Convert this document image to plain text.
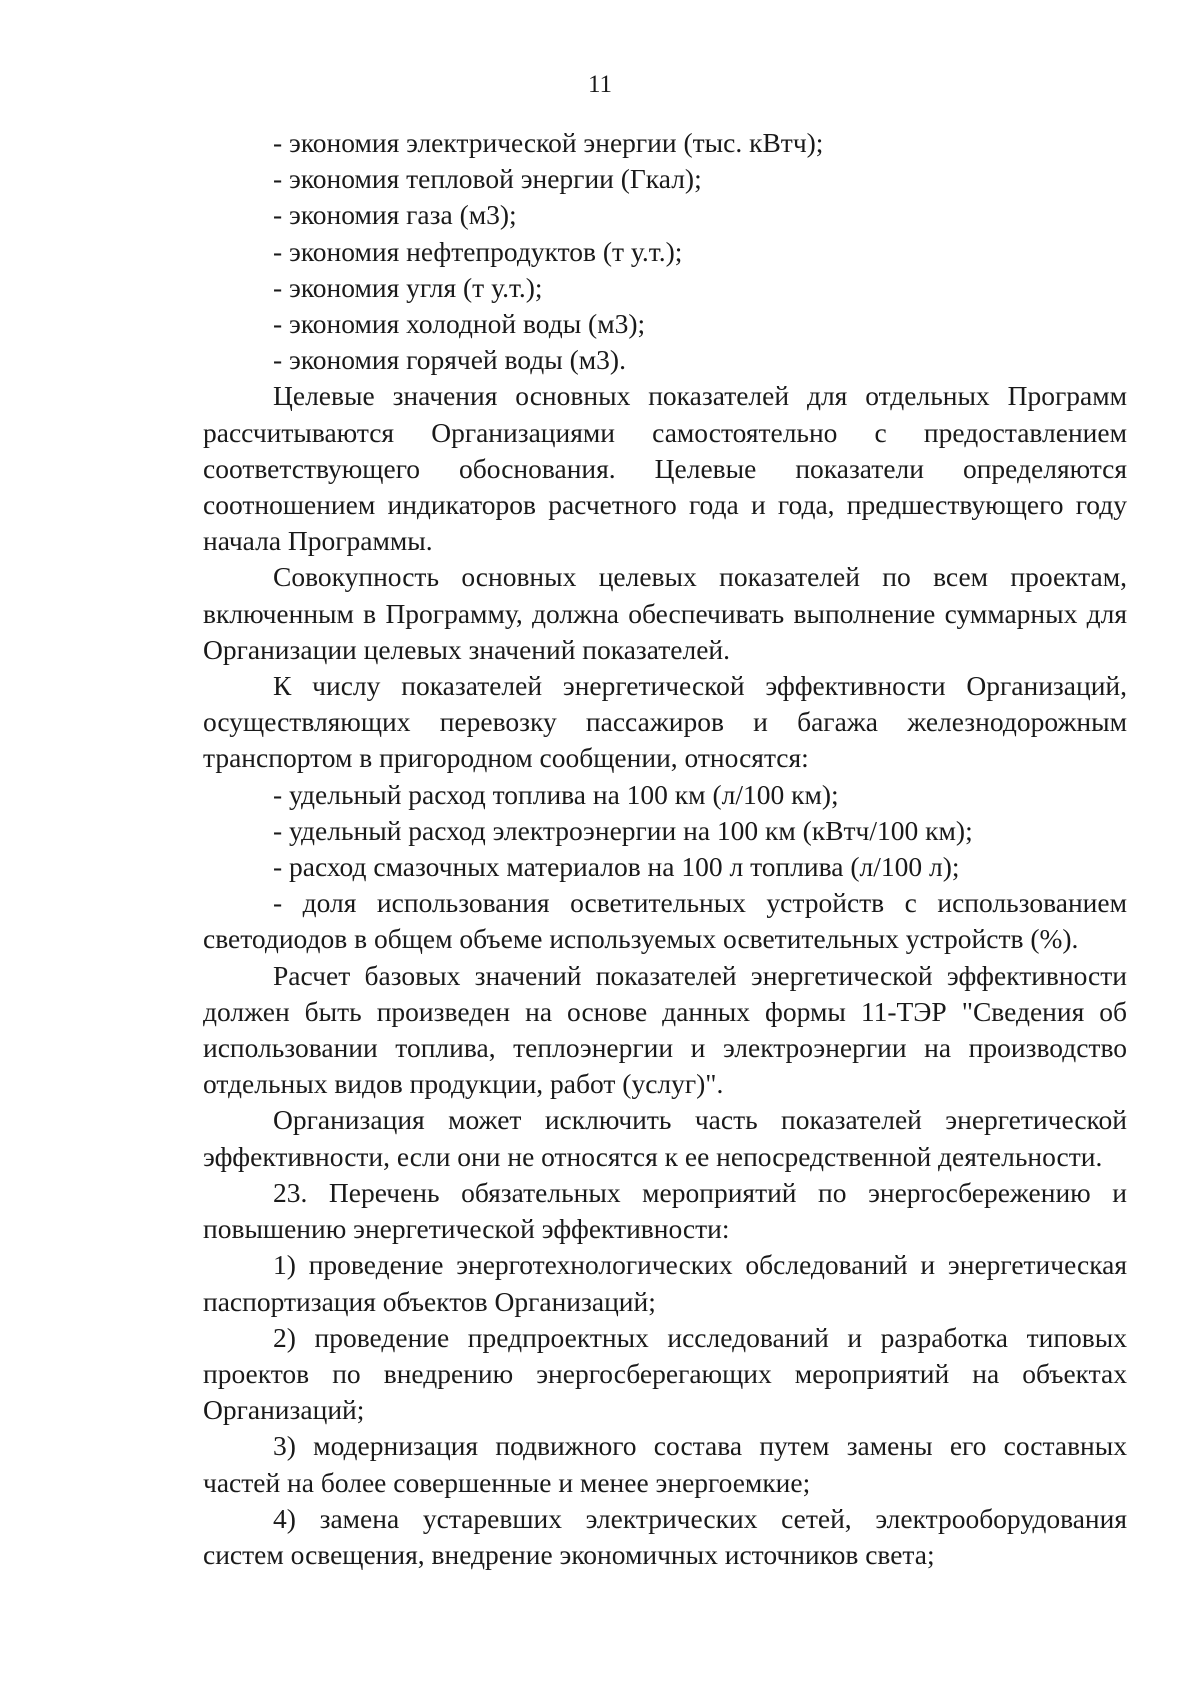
11

- экономия электрической энергии (тыс. кВтч);

- экономия тепловой энергии (Гкал);

- экономия газа (м3);

- экономия нефтепродуктов (т у.т.);

- экономия угля (т у.т.);

- экономия холодной воды (м3);

- экономия горячей воды (м3).

Целевые значения основных показателей для отдельных Программ рассчитываются Организациями самостоятельно с предоставлением соответствующего обоснования. Целевые показатели определяются соотношением индикаторов расчетного года и года, предшествующего году начала Программы.

Совокупность основных целевых показателей по всем проектам, включенным в Программу, должна обеспечивать выполнение суммарных для Организации целевых значений показателей.

К числу показателей энергетической эффективности Организаций, осуществляющих перевозку пассажиров и багажа железнодорожным транспортом в пригородном сообщении, относятся:

- удельный расход топлива на 100 км (л/100 км);

- удельный расход электроэнергии на 100 км (кВтч/100 км);

- расход смазочных материалов на 100 л топлива (л/100 л);

- доля использования осветительных устройств с использованием светодиодов в общем объеме используемых осветительных устройств (%).

Расчет базовых значений показателей энергетической эффективности должен быть произведен на основе данных формы 11-ТЭР "Сведения об использовании топлива, теплоэнергии и электроэнергии на производство отдельных видов продукции, работ (услуг)".

Организация может исключить часть показателей энергетической эффективности, если они не относятся к ее непосредственной деятельности.

23. Перечень обязательных мероприятий по энергосбережению и повышению энергетической эффективности:

1) проведение энерготехнологических обследований и энергетическая паспортизация объектов Организаций;

2) проведение предпроектных исследований и разработка типовых проектов по внедрению энергосберегающих мероприятий на объектах Организаций;

3) модернизация подвижного состава путем замены его составных частей на более совершенные и менее энергоемкие;

4) замена устаревших электрических сетей, электрооборудования систем освещения, внедрение экономичных источников света;
